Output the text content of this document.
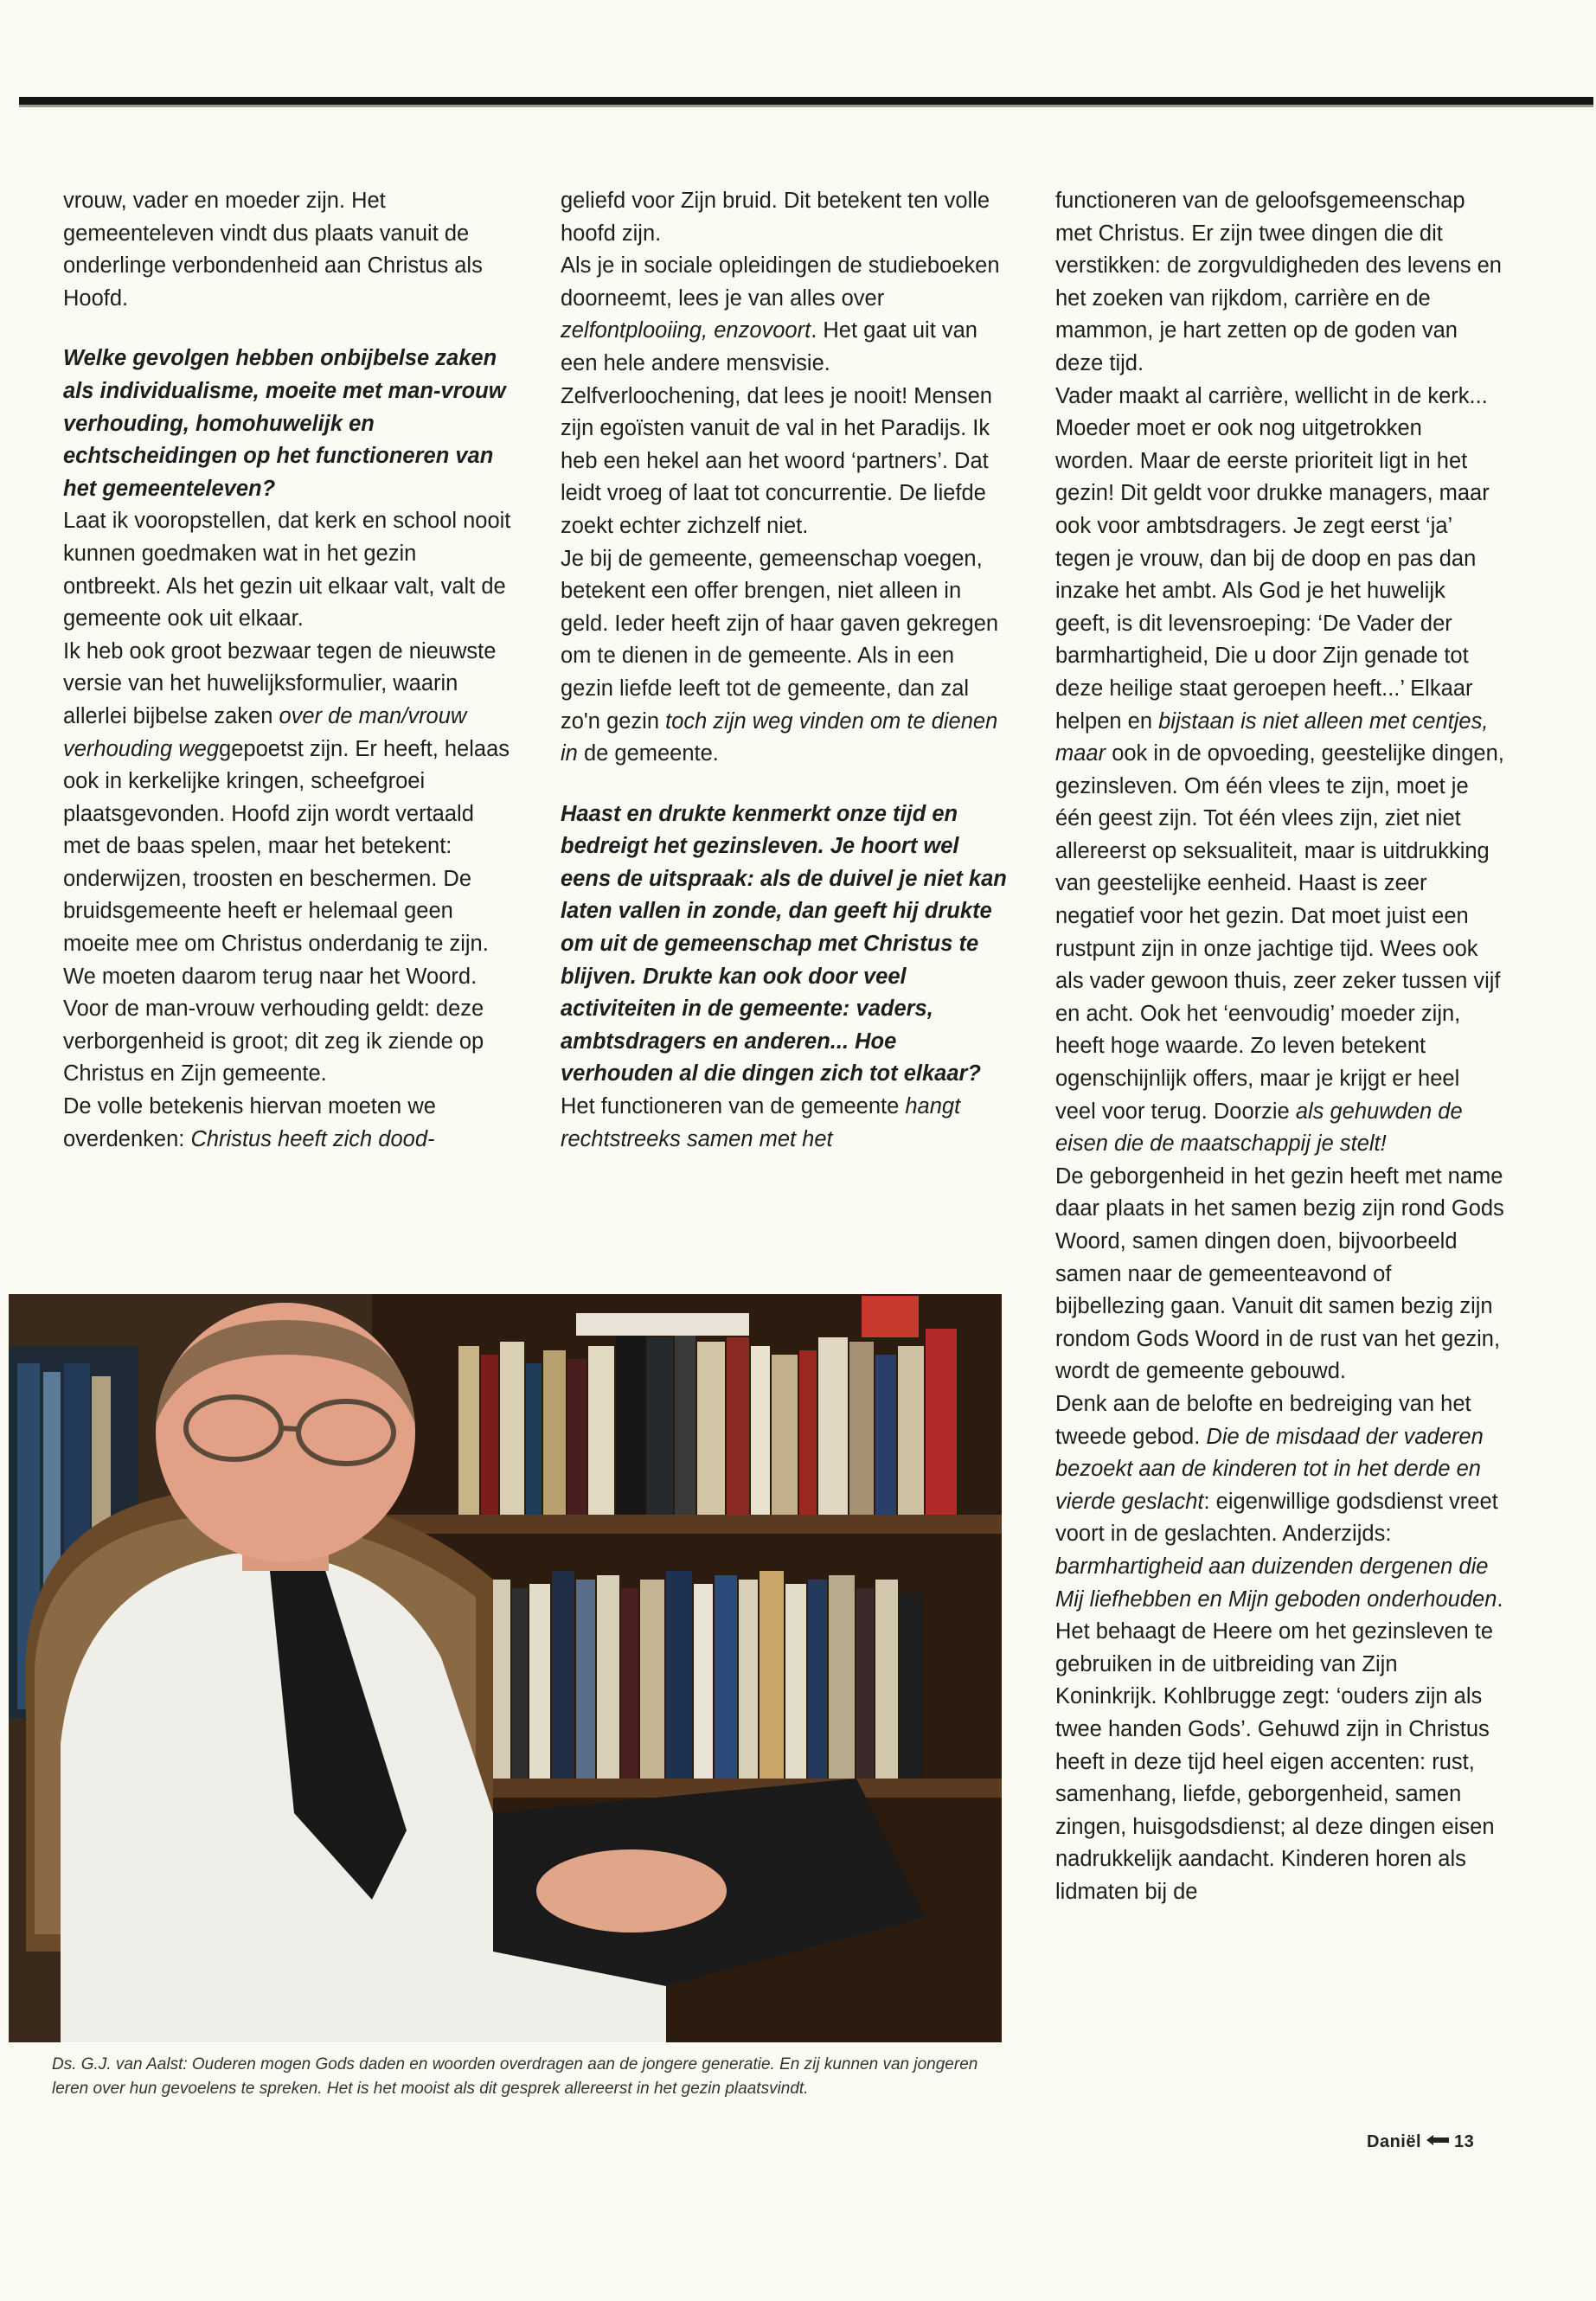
vrouw, vader en moeder zijn. Het gemeenteleven vindt dus plaats vanuit de onderlinge verbondenheid aan Christus als Hoofd.

Welke gevolgen hebben onbijbelse zaken als individualisme, moeite met man-vrouw verhouding, homohuwelijk en echtscheidingen op het functioneren van het gemeenteleven?

Laat ik vooropstellen, dat kerk en school nooit kunnen goedmaken wat in het gezin ontbreekt. Als het gezin uit elkaar valt, valt de gemeente ook uit elkaar.

Ik heb ook groot bezwaar tegen de nieuwste versie van het huwelijksformulier, waarin allerlei bijbelse zaken over de man/vrouw verhouding weggepoetst zijn. Er heeft, helaas ook in kerkelijke kringen, scheefgroei plaatsgevonden. Hoofd zijn wordt vertaald met de baas spelen, maar het betekent: onderwijzen, troosten en beschermen. De bruidsgemeente heeft er helemaal geen moeite mee om Christus onderdanig te zijn. We moeten daarom terug naar het Woord.

Voor de man-vrouw verhouding geldt: deze verborgenheid is groot; dit zeg ik ziende op Christus en Zijn gemeente.

De volle betekenis hiervan moeten we overdenken: Christus heeft zich dood-

geliefd voor Zijn bruid. Dit betekent ten volle hoofd zijn.

Als je in sociale opleidingen de studieboeken doorneemt, lees je van alles over zelfontplooiing, enzovoort. Het gaat uit van een hele andere mensvisie. Zelfverloochening, dat lees je nooit! Mensen zijn egoïsten vanuit de val in het Paradijs. Ik heb een hekel aan het woord ‘partners’. Dat leidt vroeg of laat tot concurrentie. De liefde zoekt echter zichzelf niet.

Je bij de gemeente, gemeenschap voegen, betekent een offer brengen, niet alleen in geld. Ieder heeft zijn of haar gaven gekregen om te dienen in de gemeente. Als in een gezin liefde leeft tot de gemeente, dan zal zo'n gezin toch zijn weg vinden om te dienen in de gemeente.

Haast en drukte kenmerkt onze tijd en bedreigt het gezinsleven. Je hoort wel eens de uitspraak: als de duivel je niet kan laten vallen in zonde, dan geeft hij drukte om uit de gemeenschap met Christus te blijven. Drukte kan ook door veel activiteiten in de gemeente: vaders, ambtsdragers en anderen... Hoe verhouden al die dingen zich tot elkaar?

Het functioneren van de gemeente hangt rechtstreeks samen met het

functioneren van de geloofsgemeenschap met Christus. Er zijn twee dingen die dit verstikken: de zorgvuldigheden des levens en het zoeken van rijkdom, carrière en de mammon, je hart zetten op de goden van deze tijd.

Vader maakt al carrière, wellicht in de kerk... Moeder moet er ook nog uitgetrokken worden. Maar de eerste prioriteit ligt in het gezin! Dit geldt voor drukke managers, maar ook voor ambtsdragers. Je zegt eerst ‘ja’ tegen je vrouw, dan bij de doop en pas dan inzake het ambt. Als God je het huwelijk geeft, is dit levensroeping: ‘De Vader der barmhartigheid, Die u door Zijn genade tot deze heilige staat geroepen heeft...’ Elkaar helpen en bijstaan is niet alleen met centjes, maar ook in de opvoeding, geestelijke dingen, gezinsleven. Om één vlees te zijn, moet je één geest zijn. Tot één vlees zijn, ziet niet allereerst op seksualiteit, maar is uitdrukking van geestelijke eenheid. Haast is zeer negatief voor het gezin. Dat moet juist een rustpunt zijn in onze jachtige tijd. Wees ook als vader gewoon thuis, zeer zeker tussen vijf en acht. Ook het ‘eenvoudig’ moeder zijn, heeft hoge waarde. Zo leven betekent ogenschijnlijk offers, maar je krijgt er heel veel voor terug. Doorzie als gehuwden de eisen die de maatschappij je stelt!

De geborgenheid in het gezin heeft met name daar plaats in het samen bezig zijn rond Gods Woord, samen dingen doen, bijvoorbeeld samen naar de gemeenteavond of bijbellezing gaan. Vanuit dit samen bezig zijn rondom Gods Woord in de rust van het gezin, wordt de gemeente gebouwd.

Denk aan de belofte en bedreiging van het tweede gebod. Die de misdaad der vaderen bezoekt aan de kinderen tot in het derde en vierde geslacht: eigenwillige godsdienst vreet voort in de geslachten. Anderzijds: barmhartigheid aan duizenden dergenen die Mij liefhebben en Mijn geboden onderhouden. Het behaagt de Heere om het gezinsleven te gebruiken in de uitbreiding van Zijn Koninkrijk. Kohlbrugge zegt: ‘ouders zijn als twee handen Gods’. Gehuwd zijn in Christus heeft in deze tijd heel eigen accenten: rust, samenhang, liefde, geborgenheid, samen zingen, huisgodsdienst; al deze dingen eisen nadrukkelijk aandacht. Kinderen horen als lidmaten bij de

Ds. G.J. van Aalst: Ouderen mogen Gods daden en woorden overdragen aan de jongere generatie. En zij kunnen van jongeren leren over hun gevoelens te spreken. Het is het mooist als dit gesprek allereerst in het gezin plaatsvindt.
Daniël 13
